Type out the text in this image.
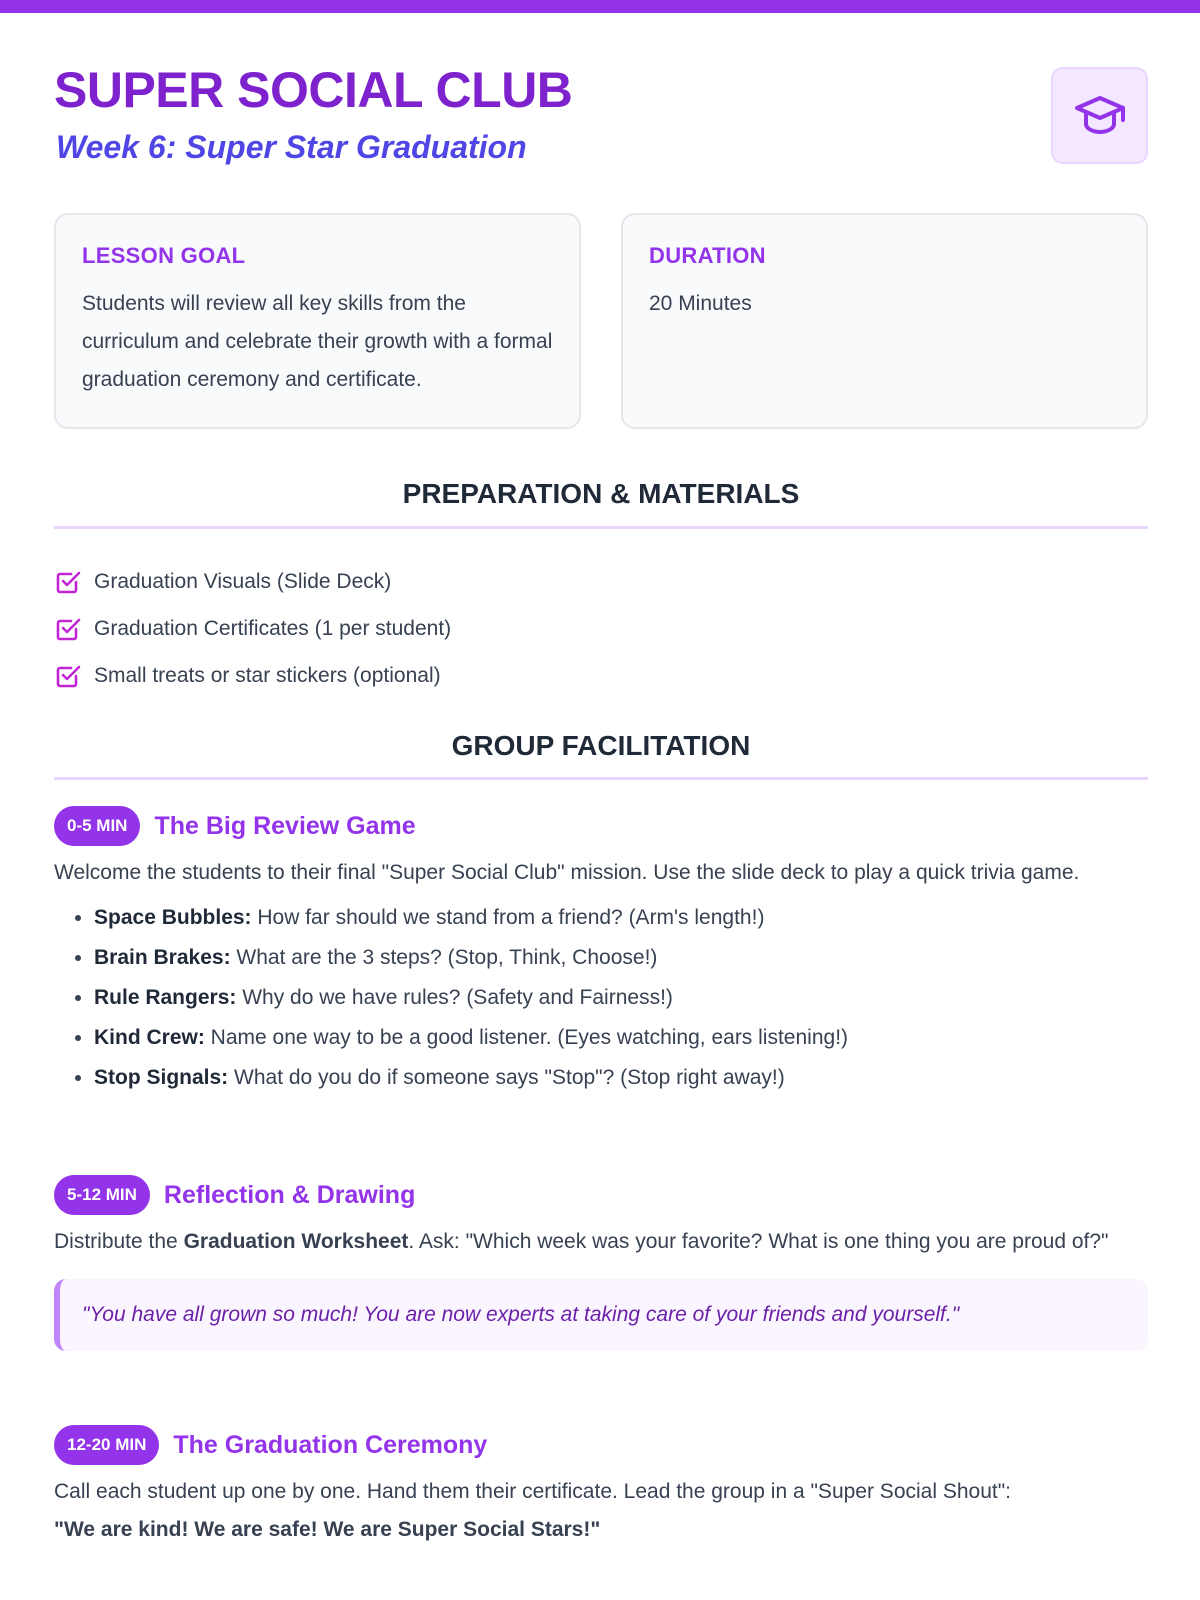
SUPER SOCIAL CLUB
Week 6: Super Star Graduation

LESSON GOAL

Students will review all key skills from the curriculum and celebrate their growth with a formal graduation ceremony and certificate.

DURATION

20 Minutes

PREPARATION & MATERIALS
Graduation Visuals (Slide Deck)
Graduation Certificates (1 per student)
Small treats or star stickers (optional)
GROUP FACILITATION
0-5 MIN	The Big Review Game

Welcome the students to their final "Super Social Club" mission. Use the slide deck to play a quick trivia game.

• Space Bubbles: How far should we stand from a friend? (Arm's length!)
• Brain Brakes: What are the 3 steps? (Stop, Think, Choose!)
• Rule Rangers: Why do we have rules? (Safety and Fairness!)
• Kind Crew: Name one way to be a good listener. (Eyes watching, ears listening!)
• Stop Signals: What do you do if someone says "Stop"? (Stop right away!)
5-12 MIN	Reflection & Drawing

Distribute the Graduation Worksheet. Ask: "Which week was your favorite? What is one thing you are proud of?"

"You have all grown so much! You are now experts at taking care of your friends and yourself."
12-20 MIN	The Graduation Ceremony

Call each student up one by one. Hand them their certificate. Lead the group in a "Super Social Shout":
"We are kind! We are safe! We are Super Social Stars!"
